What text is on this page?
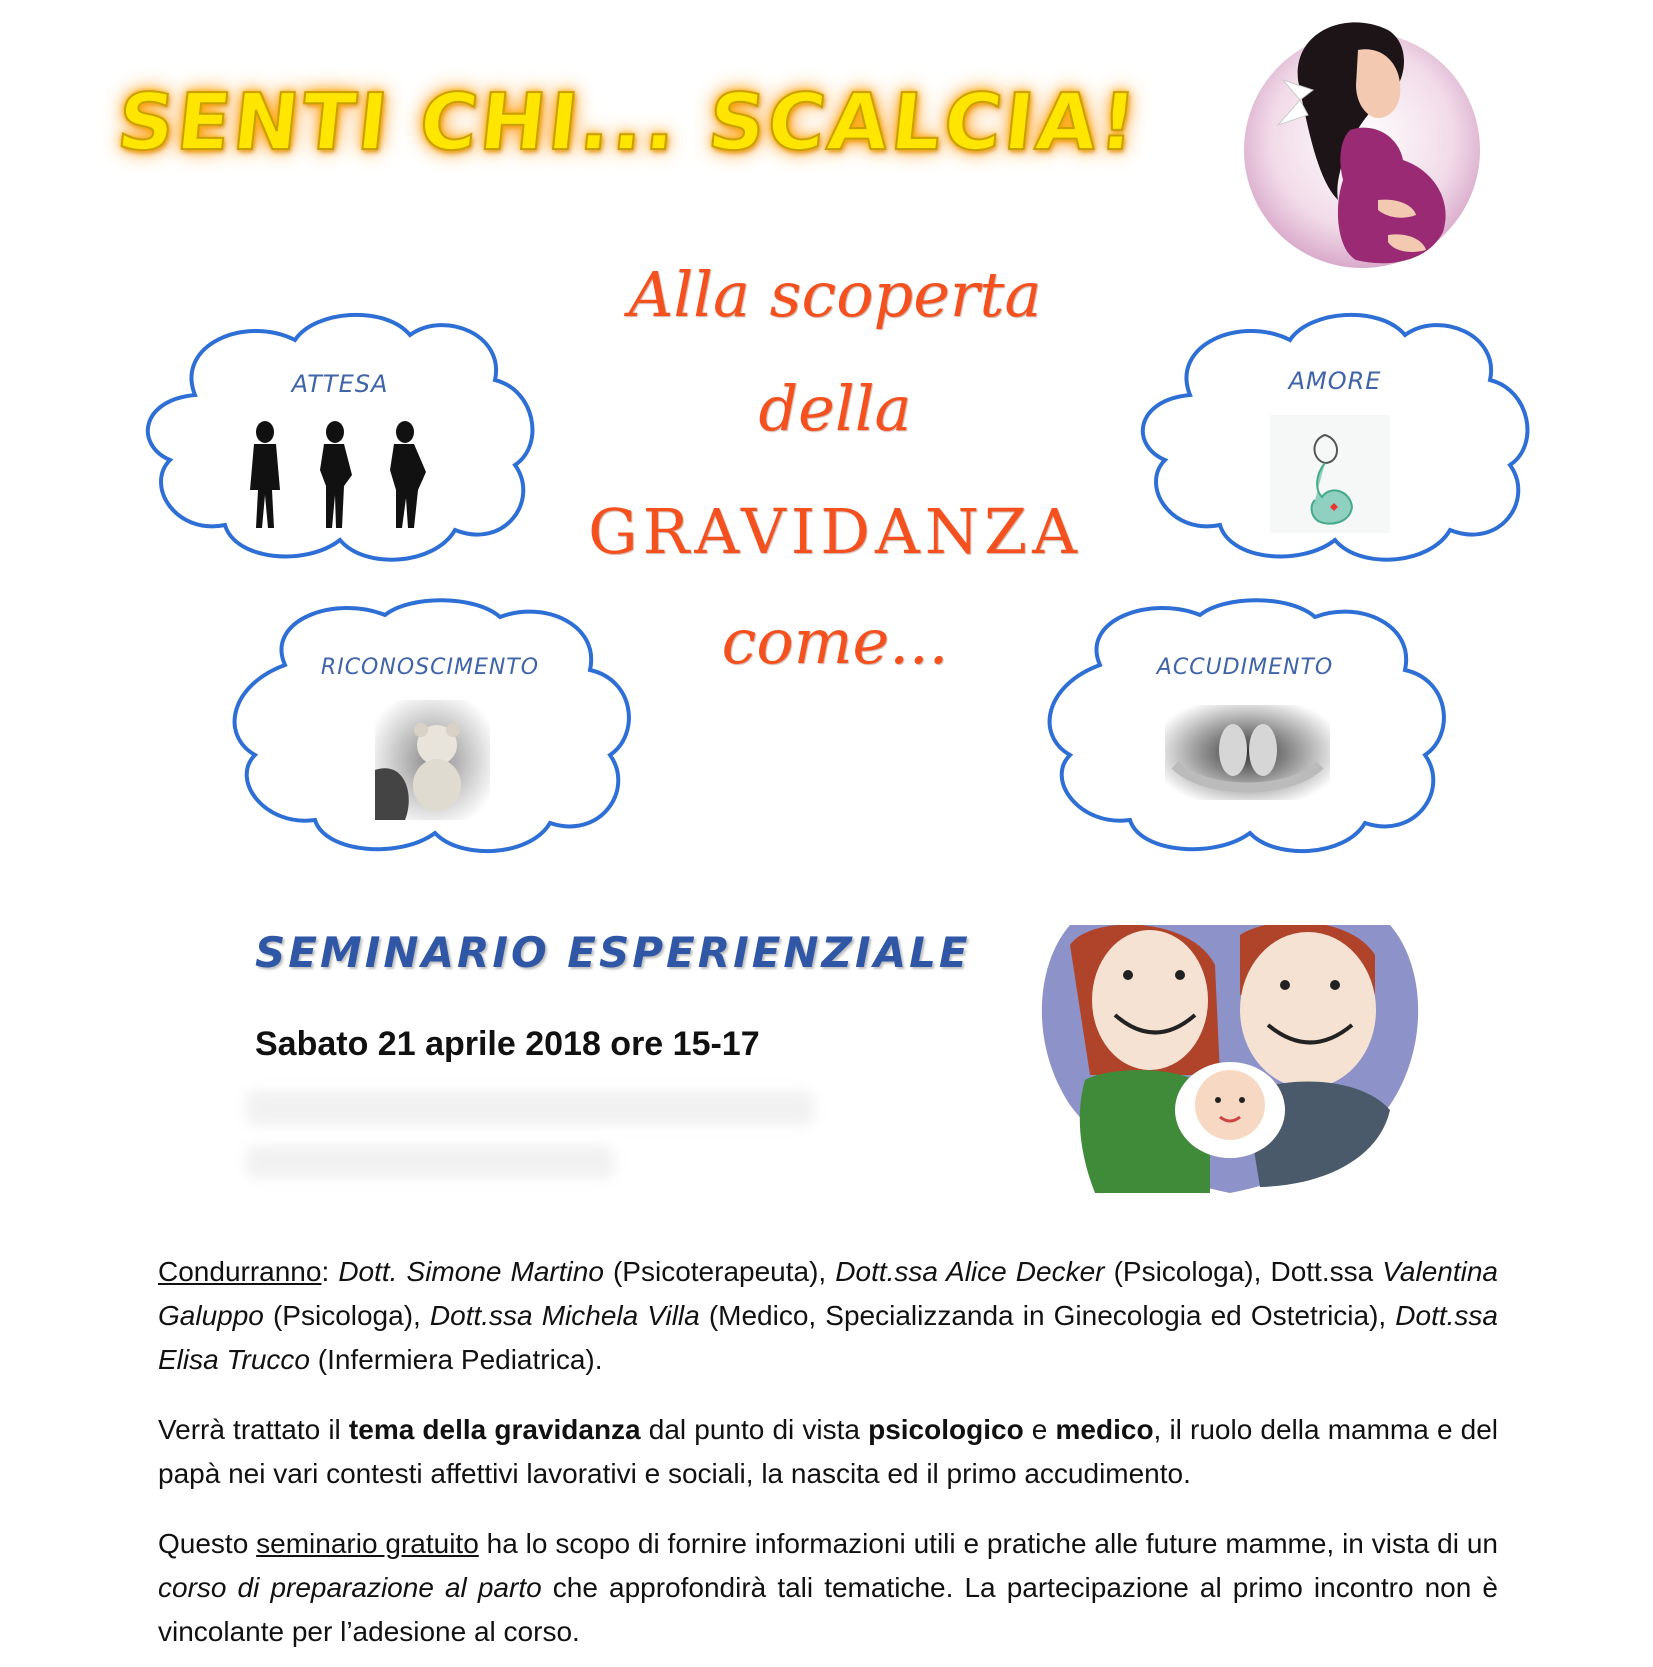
SENTI CHI... SCALCIA!
Alla scoperta
della
GRAVIDANZA
come...
ATTESA	AMORE
RICONOSCIMENTO	ACCUDIMENTO
SEMINARIO ESPERIENZIALE

Sabato 21 aprile 2018 ore 15-17

Condurranno: Dott. Simone Martino (Psicoterapeuta), Dott.ssa Alice Decker (Psicologa), Dott.ssa Valentina Galuppo (Psicologa), Dott.ssa Michela Villa (Medico, Specializzanda in Ginecologia ed Ostetricia), Dott.ssa Elisa Trucco (Infermiera Pediatrica).

Verrà trattato il tema della gravidanza dal punto di vista psicologico e medico, il ruolo della mamma e del papà nei vari contesti affettivi lavorativi e sociali, la nascita ed il primo accudimento.

Questo seminario gratuito ha lo scopo di fornire informazioni utili e pratiche alle future mamme, in vista di un corso di preparazione al parto che approfondirà tali tematiche. La partecipazione al primo incontro non è vincolante per l’adesione al corso.
